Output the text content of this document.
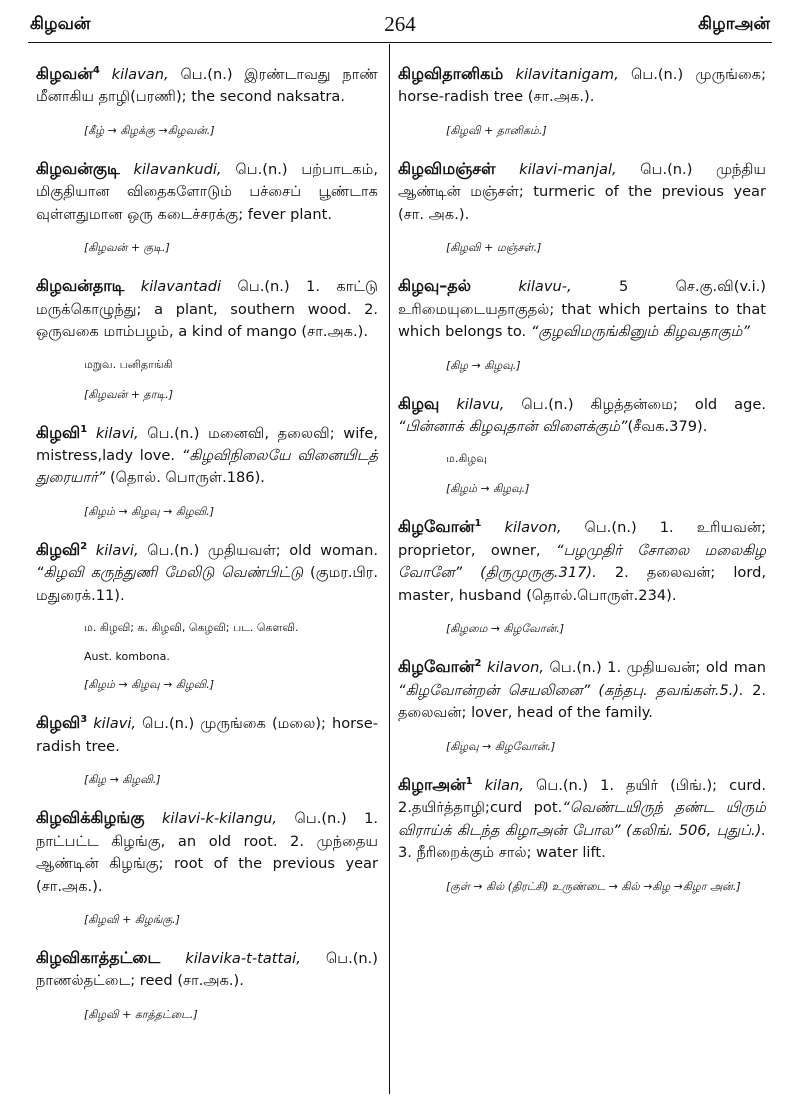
கிழவன்	264	கிழாஅன்
கிழவன்$^4$ kilavan, பெ.(n.) இரண்டாவது நாண் மீனாகிய தாழி(பரணி); the second naksatra.
[கீழ் → கிழக்கு →கிழவன்.]
கிழவன்குடி kilavankudi, பெ.(n.) பற்பாடகம், மிகுதியான விதைகளோடும் பச்சைப் பூண்டாக வுள்ளதுமான ஒரு கடைச்சரக்கு; fever plant.
[கிழவன் + குடி.]
கிழவன்தாடி kilavantadi பெ.(n.) 1. காட்டு மருக்கொழுந்து; a plant, southern wood. 2. ஒருவகை மாம்பழம், a kind of mango (சா.அக.).
மறுவ. பனிதாங்கி
[கிழவன் + தாடி.]
கிழவி$^1$ kilavi, பெ.(n.) மனைவி, தலைவி; wife, mistress,lady love. “கிழவிநிலையே வினையிடத் துரையார்” (தொல். பொருள்.186).
[கிழம் → கிழவு → கிழவி.]
கிழவி$^2$ kilavi, பெ.(n.) முதியவள்; old woman. “கிழவி கருந்துணி மேலிடு வெண்பிட்டு (குமர.பிர. மதுரைக்.11).
ம. கிழவி; க. கிழவி, கெழவி; பட. கெளவி.
Aust. kombona.
[கிழம் → கிழவு → கிழவி.]
கிழவி$^3$ kilavi, பெ.(n.) முருங்கை (மலை); horse-radish tree.
[கிழ → கிழவி.]
கிழவிக்கிழங்கு kilavi-k-kilangu, பெ.(n.) 1. நாட்பட்ட கிழங்கு, an old root. 2. முந்தைய ஆண்டின் கிழங்கு; root of the previous year (சா.அக.).
[கிழவி + கிழங்கு.]
கிழவிகாத்தட்டை kilavika-t-tattai, பெ.(n.) நாணல்தட்டை; reed (சா.அக.).
[கிழவி + காத்தட்டை.]
கிழவிதானிகம் kilavitanigam, பெ.(n.) முருங்கை; horse-radish tree (சா.அக.).
[கிழவி + தானிகம்.]
கிழவிமஞ்சள் kilavi-manjal, பெ.(n.) முந்திய ஆண்டின் மஞ்சள்; turmeric of the previous year (சா. அக.).
[கிழவி + மஞ்சள்.]
கிழவு–தல்	kilavu-, 5 செ.கு.வி(v.i.) உரிமையுடையதாகுதல்; that which pertains to that which belongs to. “குழவிமருங்கினும் கிழவதாகும்”
[கிழ → கிழவு.]
கிழவு kilavu, பெ.(n.) கிழத்தன்மை; old age. “பின்னாக் கிழவுதான் விளைக்கும்”(சீவக.379).
ம.கிழவு
[கிழம் → கிழவு.]
கிழவோன்$^1$ kilavon, பெ.(n.) 1. உரியவன்; proprietor, owner, “பழமுதிர் சோலை மலைகிழ வோனே” (திருமுருகு.317). 2. தலைவன்; lord, master, husband (தொல்.பொருள்.234).
[கிழமை → கிழவோன்.]
கிழவோன்$^2$ kilavon, பெ.(n.) 1. முதியவன்; old man “கிழவோன்றன் செயலினை” (கந்தபு. தவங்கள்.5.). 2. தலைவன்; lover, head of the family.
[கிழவு → கிழவோன்.]
கிழாஅன்$^1$ kilan, பெ.(n.) 1. தயிர் (பிங்.); curd. 2.தயிர்த்தாழி;curd pot.“வெண்டயிருந் தண்ட யிரும் விராய்க் கிடந்த கிழாஅன் போல” (கலிங். 506, புதுப்.). 3. நீரிறைக்கும் சால்; water lift.
[குள் → கில் (திரட்சி) உருண்டை → கில் →கிழ →கிழா அன்.]
